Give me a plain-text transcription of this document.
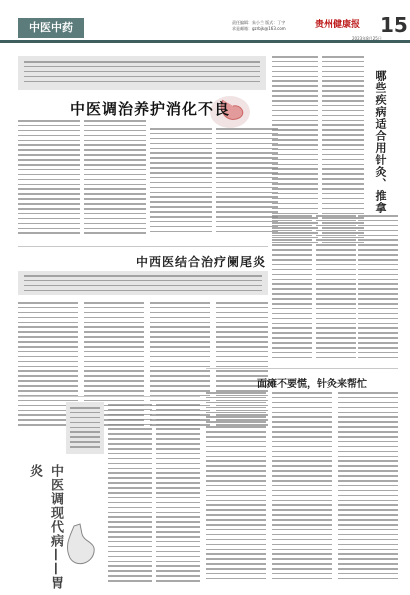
中医中药	责任编辑：朱小兰 版式：丁宇
求是邮箱：gzrbjk@163.com	贵州健康报 15
2023年8月25日
中医调治养护消化不良	哪些疾病适合用针灸、推拿
中西医结合治疗阑尾炎
面瘫不要慌，针灸来帮忙
中医调现代病——胃炎
